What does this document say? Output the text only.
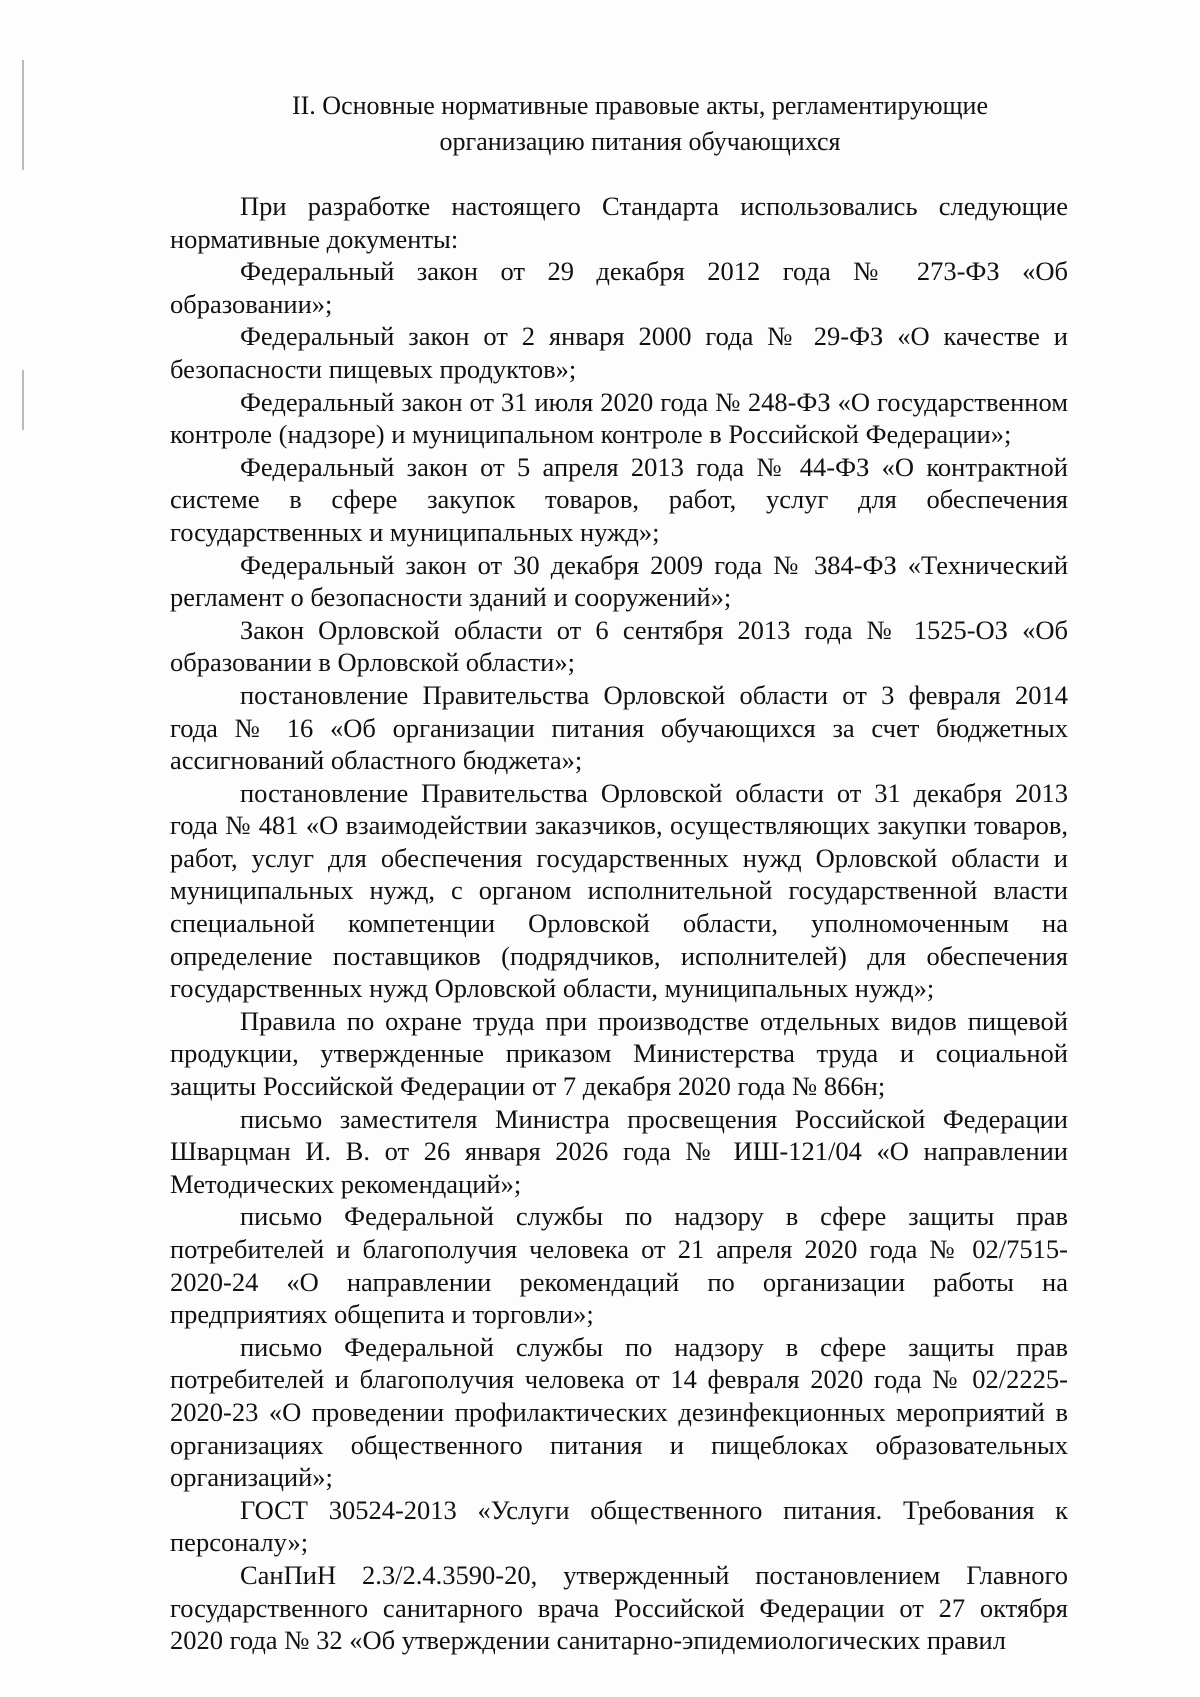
II. Основные нормативные правовые акты, регламентирующие
организацию питания обучающихся

При разработке настоящего Стандарта использовались следующие нормативные документы:

Федеральный закон от 29 декабря 2012 года № 273-ФЗ «Об образовании»;

Федеральный закон от 2 января 2000 года № 29-ФЗ «О качестве и безопасности пищевых продуктов»;

Федеральный закон от 31 июля 2020 года № 248-ФЗ «О государственном контроле (надзоре) и муниципальном контроле в Российской Федерации»;

Федеральный закон от 5 апреля 2013 года № 44-ФЗ «О контрактной системе в сфере закупок товаров, работ, услуг для обеспечения государственных и муниципальных нужд»;

Федеральный закон от 30 декабря 2009 года № 384-ФЗ «Технический регламент о безопасности зданий и сооружений»;

Закон Орловской области от 6 сентября 2013 года № 1525-ОЗ «Об образовании в Орловской области»;

постановление Правительства Орловской области от 3 февраля 2014 года № 16 «Об организации питания обучающихся за счет бюджетных ассигнований областного бюджета»;

постановление Правительства Орловской области от 31 декабря 2013 года № 481 «О взаимодействии заказчиков, осуществляющих закупки товаров, работ, услуг для обеспечения государственных нужд Орловской области и муниципальных нужд, с органом исполнительной государственной власти специальной компетенции Орловской области, уполномоченным на определение поставщиков (подрядчиков, исполнителей) для обеспечения государственных нужд Орловской области, муниципальных нужд»;

Правила по охране труда при производстве отдельных видов пищевой продукции, утвержденные приказом Министерства труда и социальной защиты Российской Федерации от 7 декабря 2020 года № 866н;

письмо заместителя Министра просвещения Российской Федерации Шварцман И. В. от 26 января 2026 года № ИШ-121/04 «О направлении Методических рекомендаций»;

письмо Федеральной службы по надзору в сфере защиты прав потребителей и благополучия человека от 21 апреля 2020 года № 02/7515-2020-24 «О направлении рекомендаций по организации работы на предприятиях общепита и торговли»;

письмо Федеральной службы по надзору в сфере защиты прав потребителей и благополучия человека от 14 февраля 2020 года № 02/2225-2020-23 «О проведении профилактических дезинфекционных мероприятий в организациях общественного питания и пищеблоках образовательных организаций»;

ГОСТ 30524-2013 «Услуги общественного питания. Требования к персоналу»;

СанПиН 2.3/2.4.3590-20, утвержденный постановлением Главного государственного санитарного врача Российской Федерации от 27 октября 2020 года № 32 «Об утверждении санитарно-эпидемиологических правил
